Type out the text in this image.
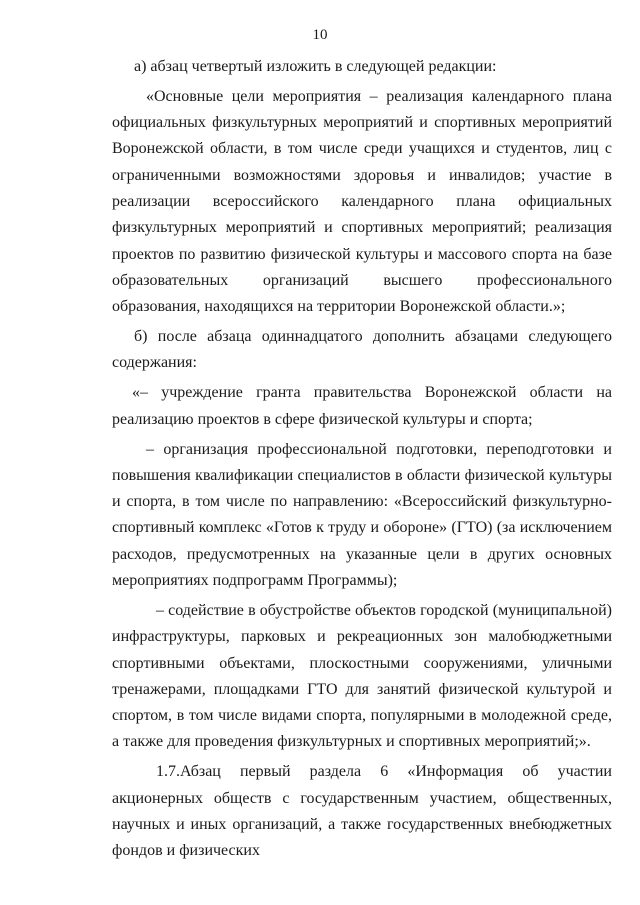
10

а) абзац четвертый изложить в следующей редакции:

«Основные цели мероприятия – реализация календарного плана официальных физкультурных мероприятий и спортивных мероприятий Воронежской области, в том числе среди учащихся и студентов, лиц с ограниченными возможностями здоровья и инвалидов; участие в реализации всероссийского календарного плана официальных физкультурных мероприятий и спортивных мероприятий; реализация проектов по развитию физической культуры и массового спорта на базе образовательных организаций высшего профессионального образования, находящихся на территории Воронежской области.»;

б) после абзаца одиннадцатого дополнить абзацами следующего содержания:

«– учреждение гранта правительства Воронежской области на реализацию проектов в сфере физической культуры и спорта;

– организация профессиональной подготовки, переподготовки и повышения квалификации специалистов в области физической культуры и спорта, в том числе по направлению: «Всероссийский физкультурно-спортивный комплекс «Готов к труду и обороне» (ГТО) (за исключением расходов, предусмотренных на указанные цели в других основных мероприятиях подпрограмм Программы);

– содействие в обустройстве объектов городской (муниципальной) инфраструктуры, парковых и рекреационных зон малобюджетными спортивными объектами, плоскостными сооружениями, уличными тренажерами, площадками ГТО для занятий физической культурой и спортом, в том числе видами спорта, популярными в молодежной среде, а также для проведения физкультурных и спортивных мероприятий;».

1.7.Абзац первый раздела 6 «Информация об участии акционерных обществ с государственным участием, общественных, научных и иных организаций, а также государственных внебюджетных фондов и физических
